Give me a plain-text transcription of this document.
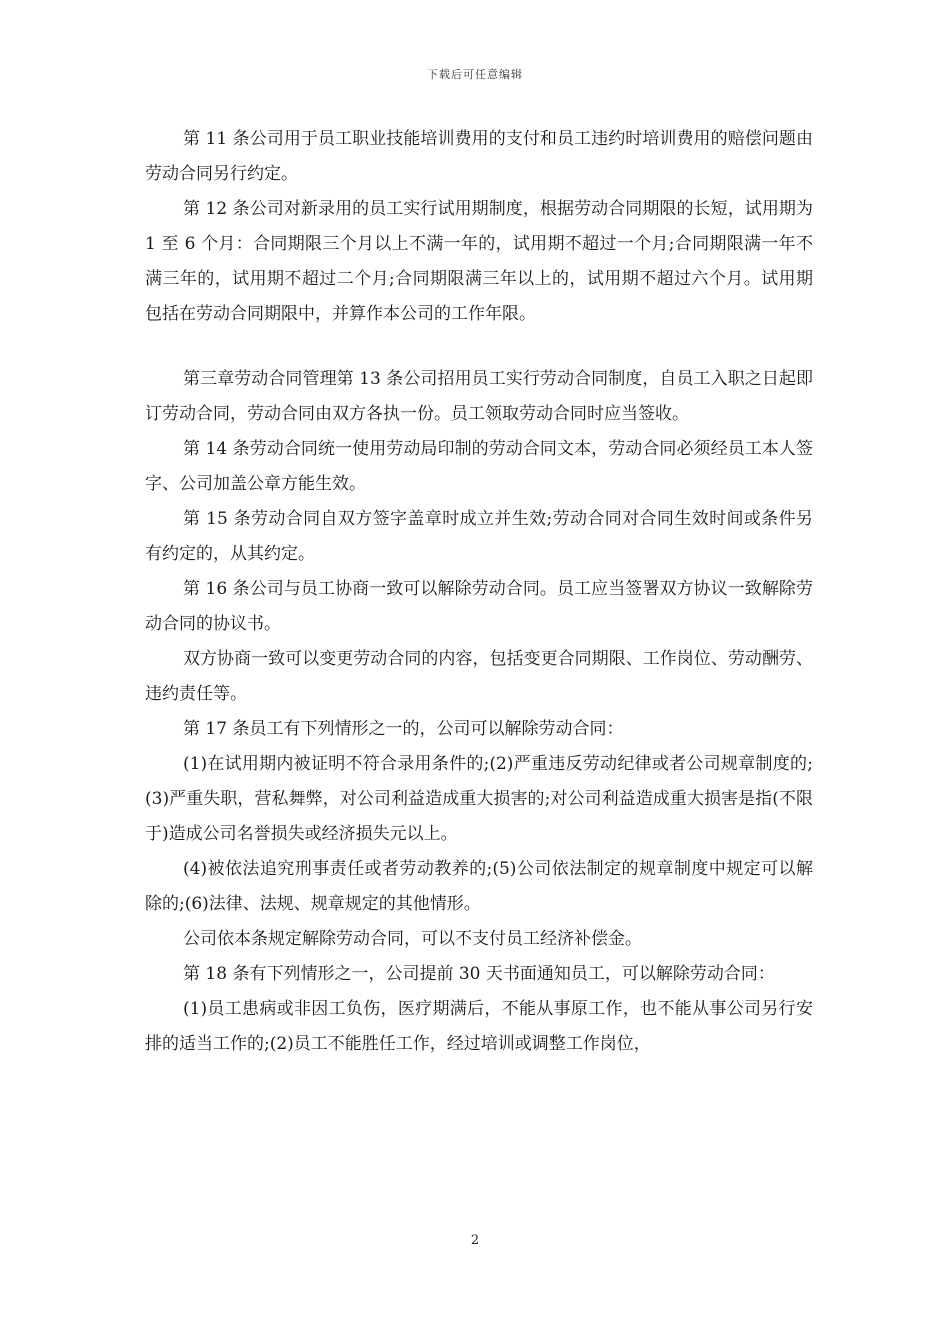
下载后可任意编辑

第 11 条公司用于员工职业技能培训费用的支付和员工违约时培训费用的赔偿问题由劳动合同另行约定。

第 12 条公司对新录用的员工实行试用期制度，根据劳动合同期限的长短，试用期为 1 至 6 个月：合同期限三个月以上不满一年的，试用期不超过一个月;合同期限满一年不满三年的，试用期不超过二个月;合同期限满三年以上的，试用期不超过六个月。试用期包括在劳动合同期限中，并算作本公司的工作年限。

第三章劳动合同管理第 13 条公司招用员工实行劳动合同制度，自员工入职之日起即订劳动合同，劳动合同由双方各执一份。员工领取劳动合同时应当签收。

第 14 条劳动合同统一使用劳动局印制的劳动合同文本，劳动合同必须经员工本人签字、公司加盖公章方能生效。

第 15 条劳动合同自双方签字盖章时成立并生效;劳动合同对合同生效时间或条件另有约定的，从其约定。

第 16 条公司与员工协商一致可以解除劳动合同。员工应当签署双方协议一致解除劳动合同的协议书。

双方协商一致可以变更劳动合同的内容，包括变更合同期限、工作岗位、劳动酬劳、违约责任等。

第 17 条员工有下列情形之一的，公司可以解除劳动合同：

(1)在试用期内被证明不符合录用条件的;(2)严重违反劳动纪律或者公司规章制度的;(3)严重失职，营私舞弊，对公司利益造成重大损害的;对公司利益造成重大损害是指(不限于)造成公司名誉损失或经济损失元以上。

(4)被依法追究刑事责任或者劳动教养的;(5)公司依法制定的规章制度中规定可以解除的;(6)法律、法规、规章规定的其他情形。

公司依本条规定解除劳动合同，可以不支付员工经济补偿金。

第 18 条有下列情形之一，公司提前 30 天书面通知员工，可以解除劳动合同：

(1)员工患病或非因工负伤，医疗期满后，不能从事原工作，也不能从事公司另行安排的适当工作的;(2)员工不能胜任工作，经过培训或调整工作岗位，

2
